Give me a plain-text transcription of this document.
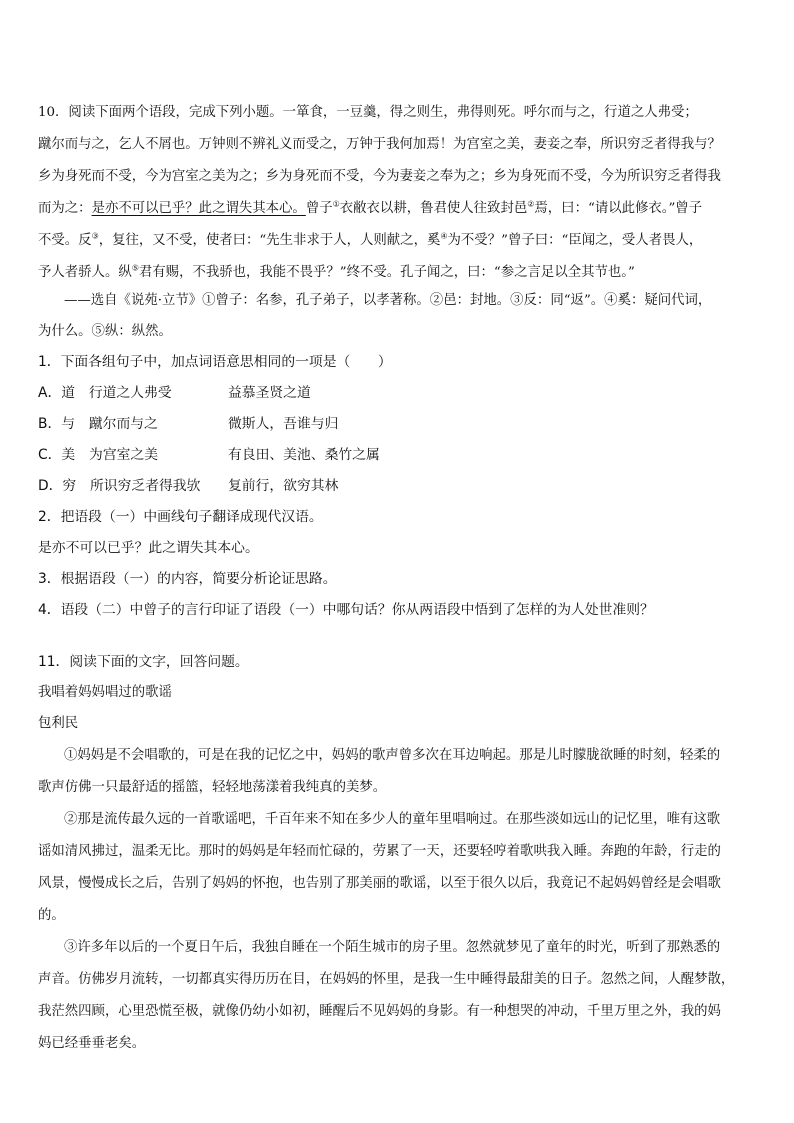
10．阅读下面两个语段，完成下列小题。一箪食，一豆羹，得之则生，弗得则死。呼尔而与之，行道之人弗受；
蹴尔而与之，乞人不屑也。万钟则不辨礼义而受之，万钟于我何加焉！为宫室之美，妻妾之奉，所识穷乏者得我与？
乡为身死而不受，今为宫室之美为之；乡为身死而不受，今为妻妾之奉为之；乡为身死而不受，今为所识穷乏者得我
而为之：是亦不可以已乎？此之谓失其本心。曾子①衣敝衣以耕，鲁君使人往致封邑②焉，曰：“请以此修衣。”曾子
不受。反③，复往，又不受，使者曰：“先生非求于人，人则献之，奚④为不受？”曾子曰：“臣闻之，受人者畏人，
予人者骄人。纵⑤君有赐，不我骄也，我能不畏乎？”终不受。孔子闻之，曰：“参之言足以全其节也。”
——选自《说苑·立节》①曾子：名参，孔子弟子，以孝著称。②邑：封地。③反：同“返”。④奚：疑问代词，
为什么。⑤纵：纵然。
1．下面各组句子中，加点词语意思相同的一项是（　　）
A．道　行道之人弗受	益慕圣贤之道
B．与　蹴尔而与之	微斯人，吾谁与归
C．美　为宫室之美	有良田、美池、桑竹之属
D．穷　所识穷乏者得我欤 复前行，欲穷其林
2．把语段（一）中画线句子翻译成现代汉语。
是亦不可以已乎？此之谓失其本心。
3．根据语段（一）的内容，简要分析论证思路。
4．语段（二）中曾子的言行印证了语段（一）中哪句话？你从两语段中悟到了怎样的为人处世准则？
11．阅读下面的文字，回答问题。
我唱着妈妈唱过的歌谣
包利民
①妈妈是不会唱歌的，可是在我的记忆之中，妈妈的歌声曾多次在耳边响起。那是儿时朦胧欲睡的时刻，轻柔的
歌声仿佛一只最舒适的摇篮，轻轻地荡漾着我纯真的美梦。
②那是流传最久远的一首歌谣吧，千百年来不知在多少人的童年里唱响过。在那些淡如远山的记忆里，唯有这歌
谣如清风拂过，温柔无比。那时的妈妈是年轻而忙碌的，劳累了一天，还要轻哼着歌哄我入睡。奔跑的年龄，行走的
风景，慢慢成长之后，告别了妈妈的怀抱，也告别了那美丽的歌谣，以至于很久以后，我竟记不起妈妈曾经是会唱歌
的。
③许多年以后的一个夏日午后，我独自睡在一个陌生城市的房子里。忽然就梦见了童年的时光，听到了那熟悉的
声音。仿佛岁月流转，一切都真实得历历在目，在妈妈的怀里，是我一生中睡得最甜美的日子。忽然之间，人醒梦散，
我茫然四顾，心里恐慌至极，就像仍幼小如初，睡醒后不见妈妈的身影。有一种想哭的冲动，千里万里之外，我的妈
妈已经垂垂老矣。
